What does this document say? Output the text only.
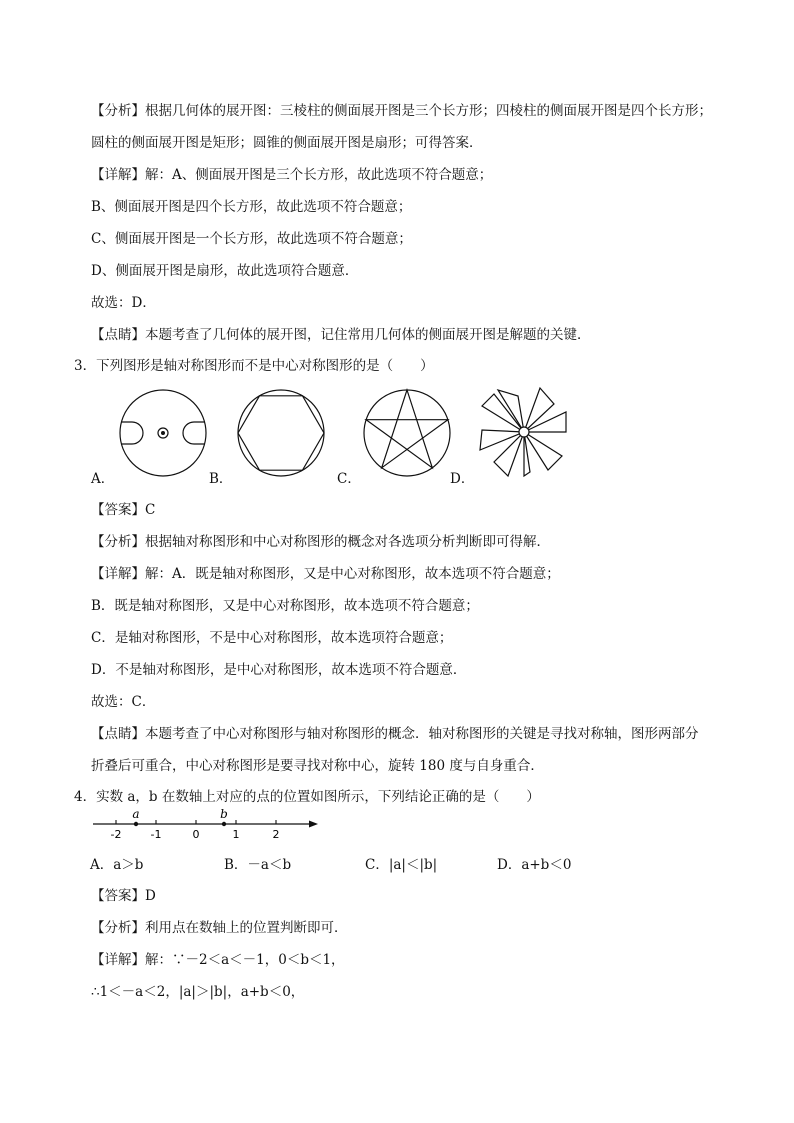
【分析】根据几何体的展开图：三棱柱的侧面展开图是三个长方形；四棱柱的侧面展开图是四个长方形；
圆柱的侧面展开图是矩形；圆锥的侧面展开图是扇形；可得答案．
【详解】解：A、侧面展开图是三个长方形，故此选项不符合题意；
B、侧面展开图是四个长方形，故此选项不符合题意；
C、侧面展开图是一个长方形，故此选项不符合题意；
D、侧面展开图是扇形，故此选项符合题意．
故选：D．
【点睛】本题考查了几何体的展开图，记住常用几何体的侧面展开图是解题的关键．
3．下列图形是轴对称图形而不是中心对称图形的是（　　）
A．	B．	C．	D．
【答案】C
【分析】根据轴对称图形和中心对称图形的概念对各选项分析判断即可得解．
【详解】解：A．既是轴对称图形，又是中心对称图形，故本选项不符合题意；
B．既是轴对称图形，又是中心对称图形，故本选项不符合题意；
C．是轴对称图形，不是中心对称图形，故本选项符合题意；
D．不是轴对称图形，是中心对称图形，故本选项不符合题意．
故选：C．
【点睛】本题考查了中心对称图形与轴对称图形的概念．轴对称图形的关键是寻找对称轴，图形两部分
折叠后可重合，中心对称图形是要寻找对称中心，旋转 180 度与自身重合．
4．实数 a，b 在数轴上对应的点的位置如图所示，下列结论正确的是（　　）
-2	-1	0	1	2
a	b
A．a＞b	B．－a＜b	C．|a|＜|b|	D．a+b＜0
【答案】D
【分析】利用点在数轴上的位置判断即可．
【详解】解：∵－2＜a＜－1，0＜b＜1，
∴1＜－a＜2，|a|＞|b|，a+b＜0，
